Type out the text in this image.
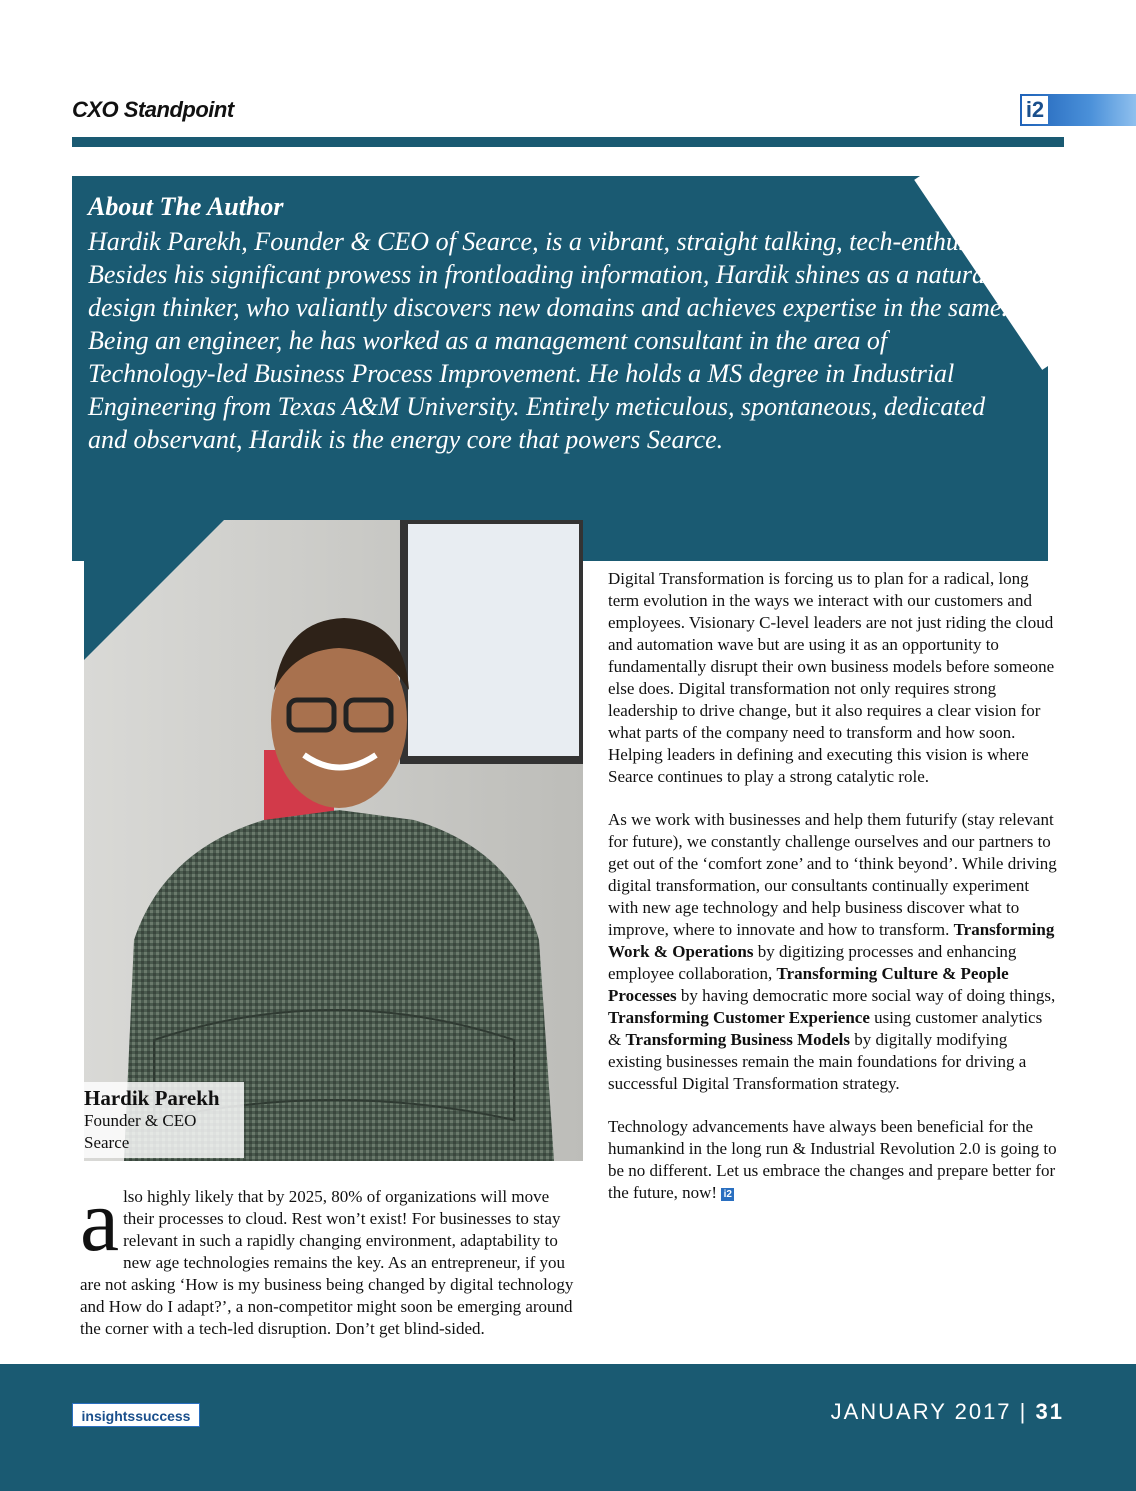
CXO Standpoint	i2
About The Author

Hardik Parekh, Founder & CEO of Searce, is a vibrant, straight talking, tech-enthusiast. Besides his significant prowess in frontloading information, Hardik shines as a natural design thinker, who valiantly discovers new domains and achieves expertise in the same.

Being an engineer, he has worked as a management consultant in the area of Technology-led Business Process Improvement. He holds a MS degree in Industrial Engineering from Texas A&M University. Entirely meticulous, spontaneous, dedicated and observant, Hardik is the energy core that powers Searce.

Hardik Parekh
Founder & CEO
Searce
also highly likely that by 2025, 80% of organizations will move their processes to cloud. Rest won’t exist! For businesses to stay relevant in such a rapidly changing environment, adaptability to new age technologies remains the key. As an entrepreneur, if you are not asking ‘How is my business being changed by digital technology and How do I adapt?’, a non-competitor might soon be emerging around the corner with a tech-led disruption. Don’t get blind-sided.

Digital Transformation is forcing us to plan for a radical, long term evolution in the ways we interact with our customers and employees. Visionary C-level leaders are not just riding the cloud and automation wave but are using it as an opportunity to fundamentally disrupt their own business models before someone else does. Digital transformation not only requires strong leadership to drive change, but it also requires a clear vision for what parts of the company need to transform and how soon. Helping leaders in defining and executing this vision is where Searce continues to play a strong catalytic role.

As we work with businesses and help them futurify (stay relevant for future), we constantly challenge ourselves and our partners to get out of the ‘comfort zone’ and to ‘think beyond’. While driving digital transformation, our consultants continually experiment with new age technology and help business discover what to improve, where to innovate and how to transform. Transforming Work & Operations by digitizing processes and enhancing employee collaboration, Transforming Culture & People Processes by having democratic more social way of doing things, Transforming Customer Experience using customer analytics & Transforming Business Models by digitally modifying existing businesses remain the main foundations for driving a successful Digital Transformation strategy.

Technology advancements have always been beneficial for the humankind in the long run & Industrial Revolution 2.0 is going to be no different. Let us embrace the changes and prepare better for the future, now! i2

insightssuccess	JANUARY 2017 | 31
